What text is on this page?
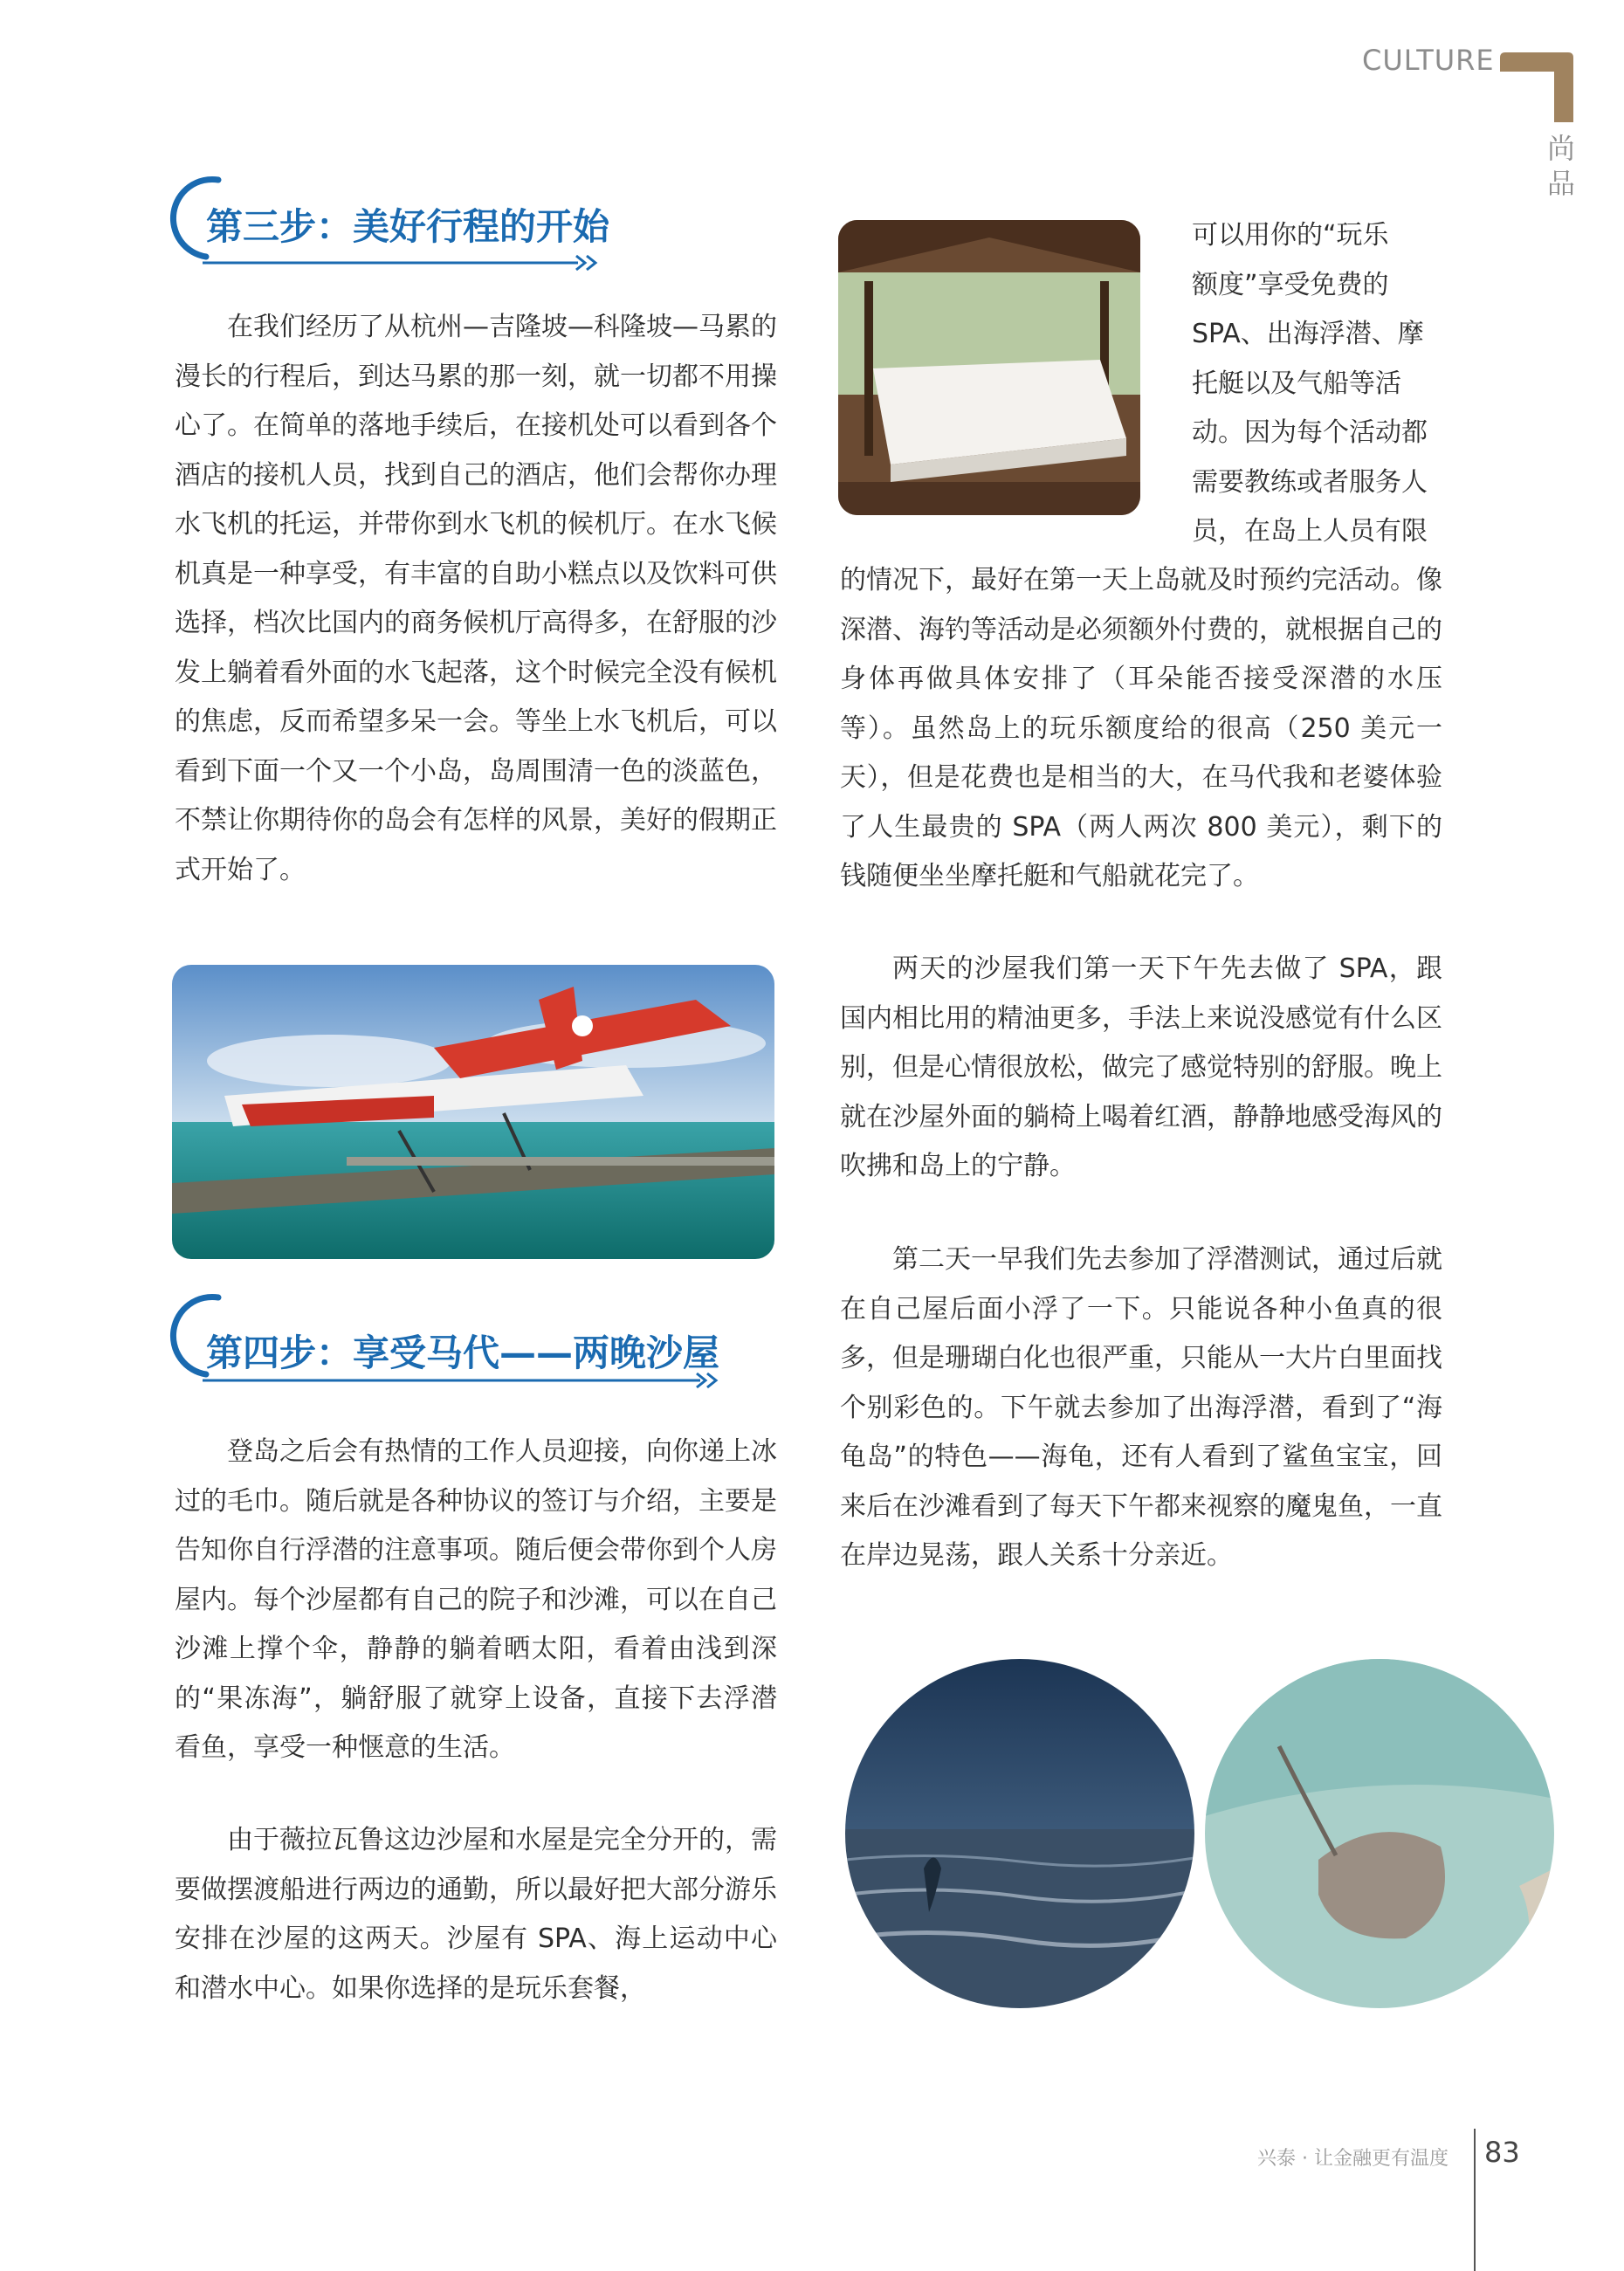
CULTURE
尚品
第三步：美好行程的开始

在我们经历了从杭州—吉隆坡—科隆坡—马累的漫长的行程后，到达马累的那一刻，就一切都不用操心了。在简单的落地手续后，在接机处可以看到各个酒店的接机人员，找到自己的酒店，他们会帮你办理水飞机的托运，并带你到水飞机的候机厅。在水飞候机真是一种享受，有丰富的自助小糕点以及饮料可供选择，档次比国内的商务候机厅高得多，在舒服的沙发上躺着看外面的水飞起落，这个时候完全没有候机的焦虑，反而希望多呆一会。等坐上水飞机后，可以看到下面一个又一个小岛，岛周围清一色的淡蓝色，不禁让你期待你的岛会有怎样的风景，美好的假期正式开始了。

第四步：享受马代——两晚沙屋

登岛之后会有热情的工作人员迎接，向你递上冰过的毛巾。随后就是各种协议的签订与介绍，主要是告知你自行浮潜的注意事项。随后便会带你到个人房屋内。每个沙屋都有自己的院子和沙滩，可以在自己沙滩上撑个伞，静静的躺着晒太阳，看着由浅到深的“果冻海”，躺舒服了就穿上设备，直接下去浮潜看鱼，享受一种惬意的生活。

由于薇拉瓦鲁这边沙屋和水屋是完全分开的，需要做摆渡船进行两边的通勤，所以最好把大部分游乐安排在沙屋的这两天。沙屋有 SPA、海上运动中心和潜水中心。如果你选择的是玩乐套餐，

可以用你的“玩乐
额度”享受免费的
SPA、出海浮潜、摩
托艇以及气船等活
动。因为每个活动都
需要教练或者服务人
员，在岛上人员有限

的情况下，最好在第一天上岛就及时预约完活动。像深潜、海钓等活动是必须额外付费的，就根据自己的身体再做具体安排了（耳朵能否接受深潜的水压等）。虽然岛上的玩乐额度给的很高（250 美元一天），但是花费也是相当的大，在马代我和老婆体验了人生最贵的 SPA（两人两次 800 美元），剩下的钱随便坐坐摩托艇和气船就花完了。

两天的沙屋我们第一天下午先去做了 SPA，跟国内相比用的精油更多，手法上来说没感觉有什么区别，但是心情很放松，做完了感觉特别的舒服。晚上就在沙屋外面的躺椅上喝着红酒，静静地感受海风的吹拂和岛上的宁静。

第二天一早我们先去参加了浮潜测试，通过后就在自己屋后面小浮了一下。只能说各种小鱼真的很多，但是珊瑚白化也很严重，只能从一大片白里面找个别彩色的。下午就去参加了出海浮潜，看到了“海龟岛”的特色——海龟，还有人看到了鲨鱼宝宝，回来后在沙滩看到了每天下午都来视察的魔鬼鱼，一直在岸边晃荡，跟人关系十分亲近。

兴泰 · 让金融更有温度 83
